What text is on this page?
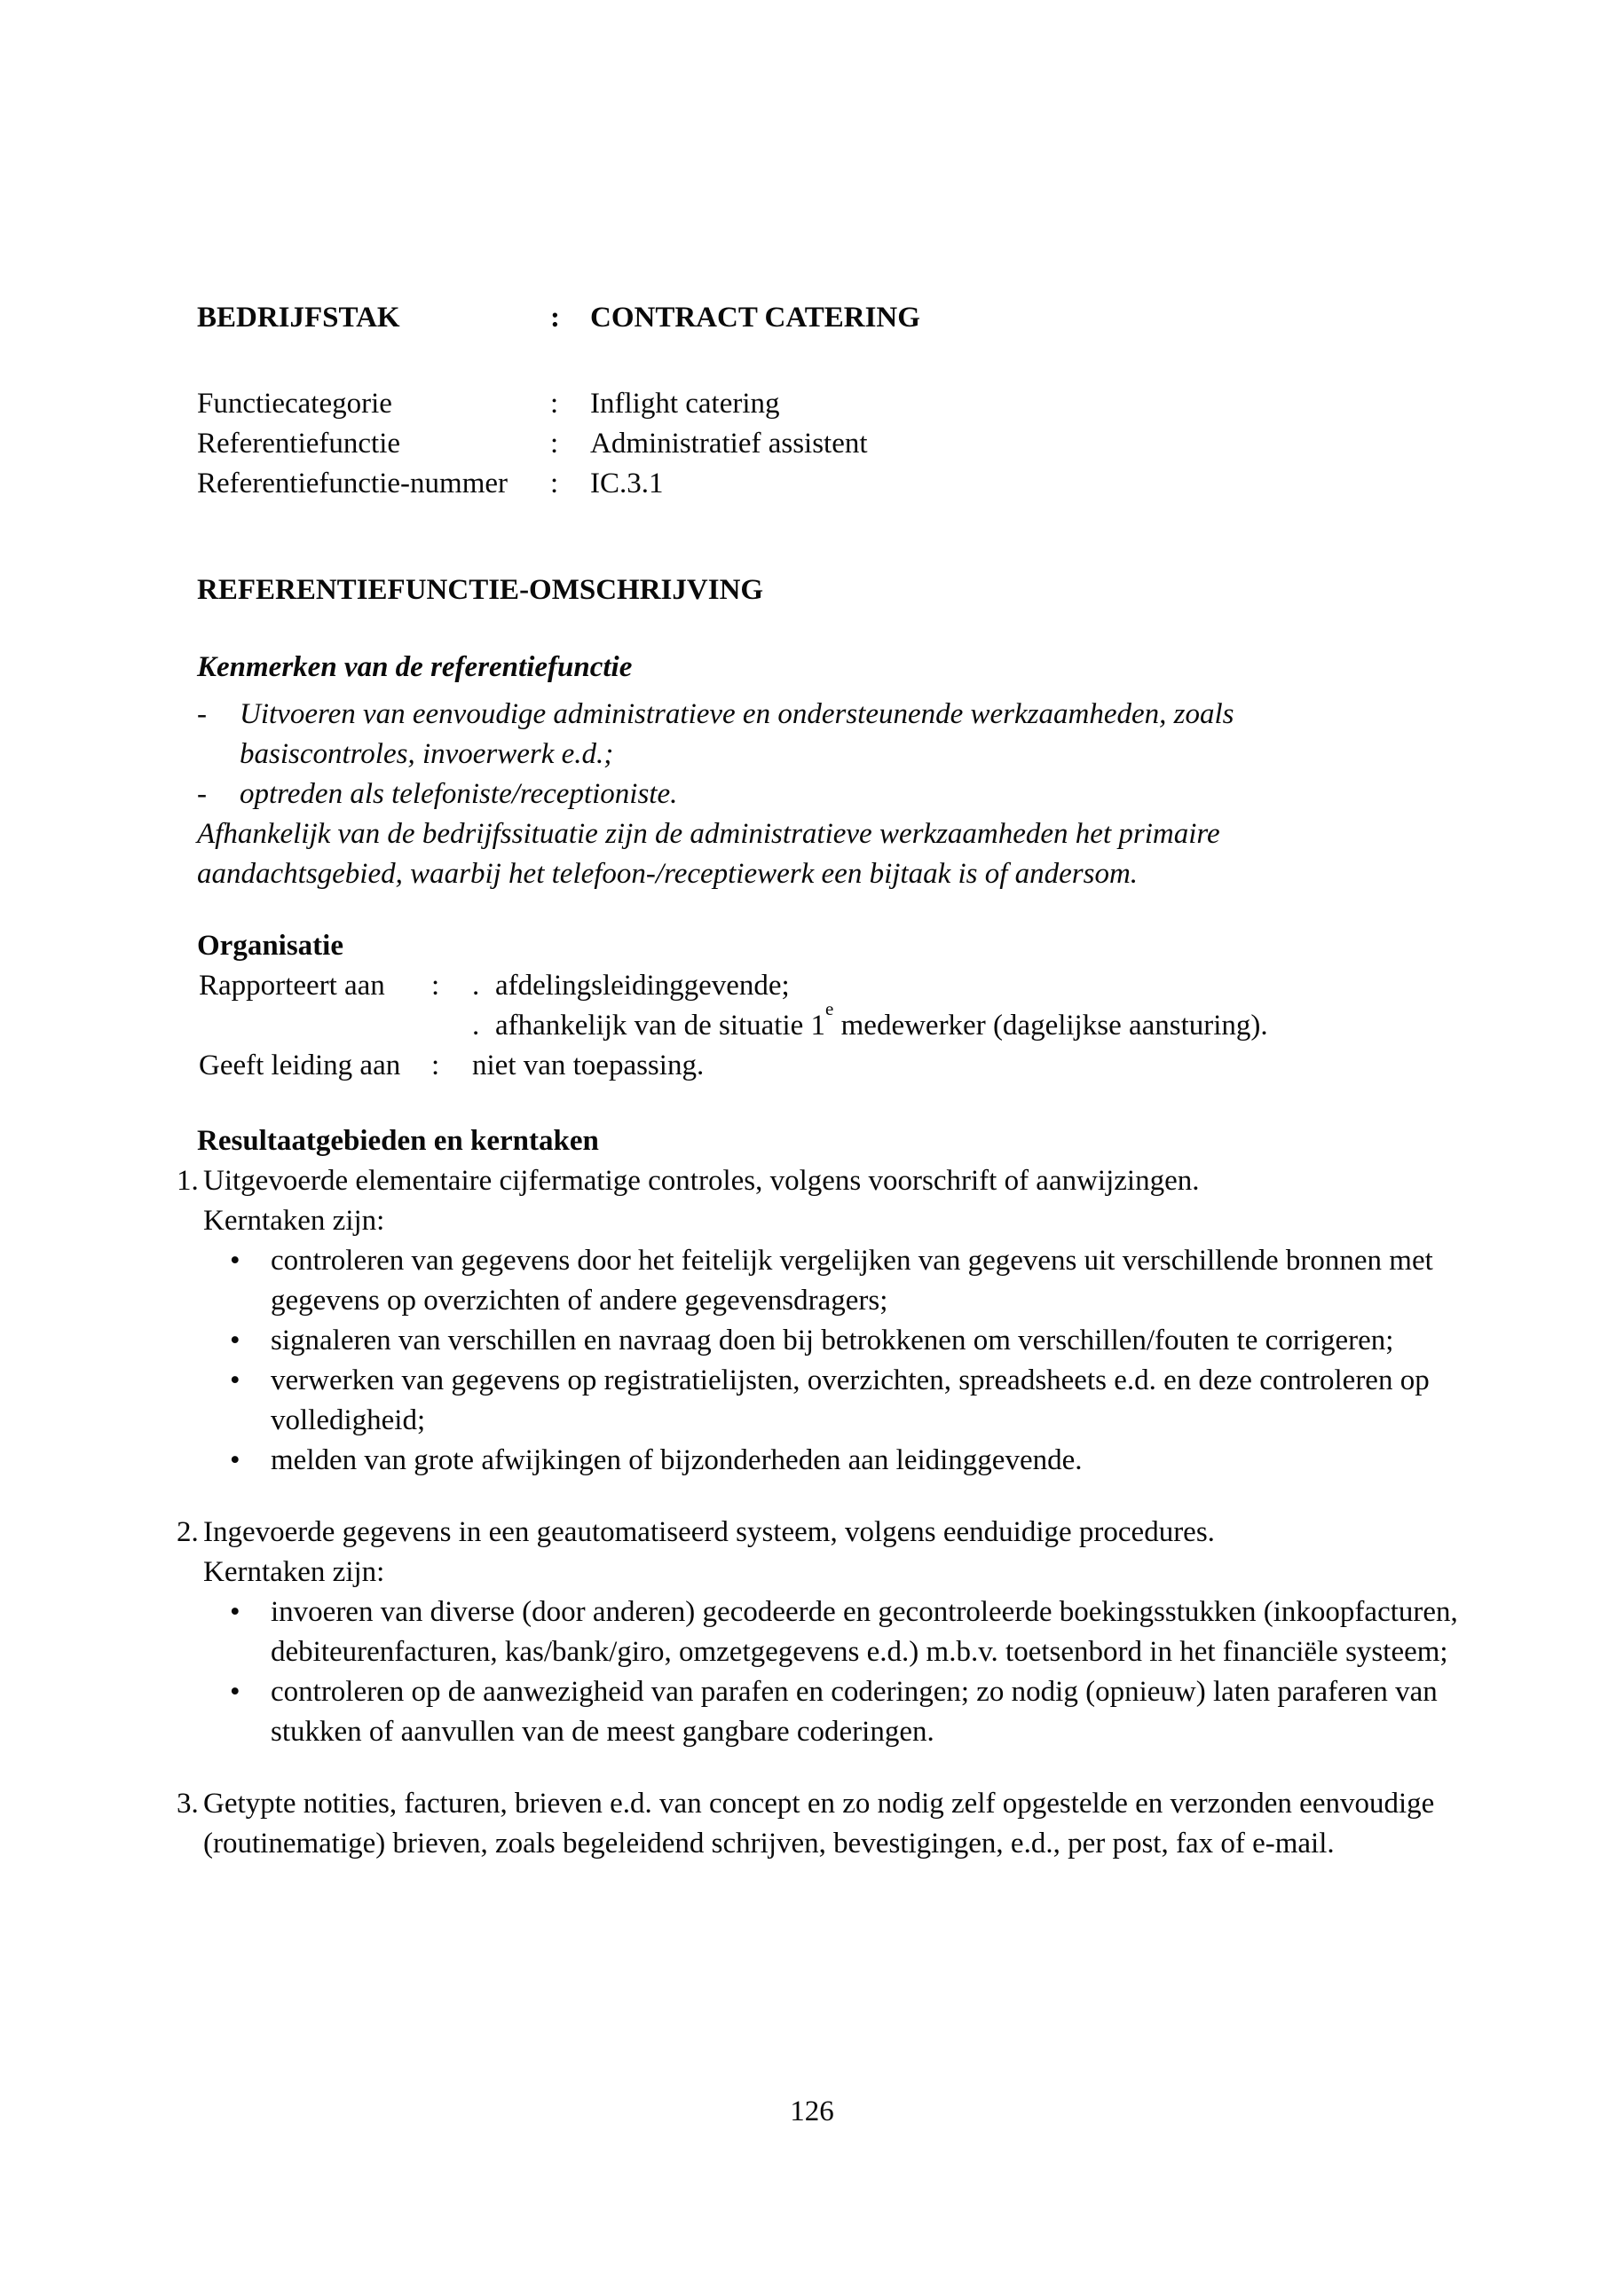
BEDRIJFSTAK	:	CONTRACT CATERING
Functiecategorie	:	Inflight catering
Referentiefunctie	:	Administratief assistent
Referentiefunctie-nummer	:	IC.3.1
REFERENTIEFUNCTIE-OMSCHRIJVING
Kenmerken van de referentiefunctie
-	Uitvoeren van eenvoudige administratieve en ondersteunende werkzaamheden, zoals basiscontroles, invoerwerk e.d.;
-	optreden als telefoniste/receptioniste.

Afhankelijk van de bedrijfssituatie zijn de administratieve werkzaamheden het primaire aandachtsgebied, waarbij het telefoon-/receptiewerk een bijtaak is of andersom.

Organisatie
Rapporteert aan	:	. afdelingsleidinggevende;
. afhankelijk van de situatie 1e medewerker (dagelijkse aansturing).
Geeft leiding aan	:	niet van toepassing.
Resultaatgebieden en kerntaken
1. Uitgevoerde elementaire cijfermatige controles, volgens voorschrift of aanwijzingen.

Kerntaken zijn:

•	controleren van gegevens door het feitelijk vergelijken van gegevens uit verschillende bronnen met gegevens op overzichten of andere gegevensdragers;
•	signaleren van verschillen en navraag doen bij betrokkenen om verschillen/fouten te corrigeren;
•	verwerken van gegevens op registratielijsten, overzichten, spreadsheets e.d. en deze controleren op volledigheid;
•	melden van grote afwijkingen of bijzonderheden aan leidinggevende.
2. Ingevoerde gegevens in een geautomatiseerd systeem, volgens eenduidige procedures.

Kerntaken zijn:

•	invoeren van diverse (door anderen) gecodeerde en gecontroleerde boekingsstukken (inkoopfacturen, debiteurenfacturen, kas/bank/giro, omzetgegevens e.d.) m.b.v. toetsenbord in het financiële systeem;
•	controleren op de aanwezigheid van parafen en coderingen; zo nodig (opnieuw) laten paraferen van stukken of aanvullen van de meest gangbare coderingen.
3. Getypte notities, facturen, brieven e.d. van concept en zo nodig zelf opgestelde en verzonden eenvoudige (routinematige) brieven, zoals begeleidend schrijven, bevestigingen, e.d., per post, fax of e-mail.

126
